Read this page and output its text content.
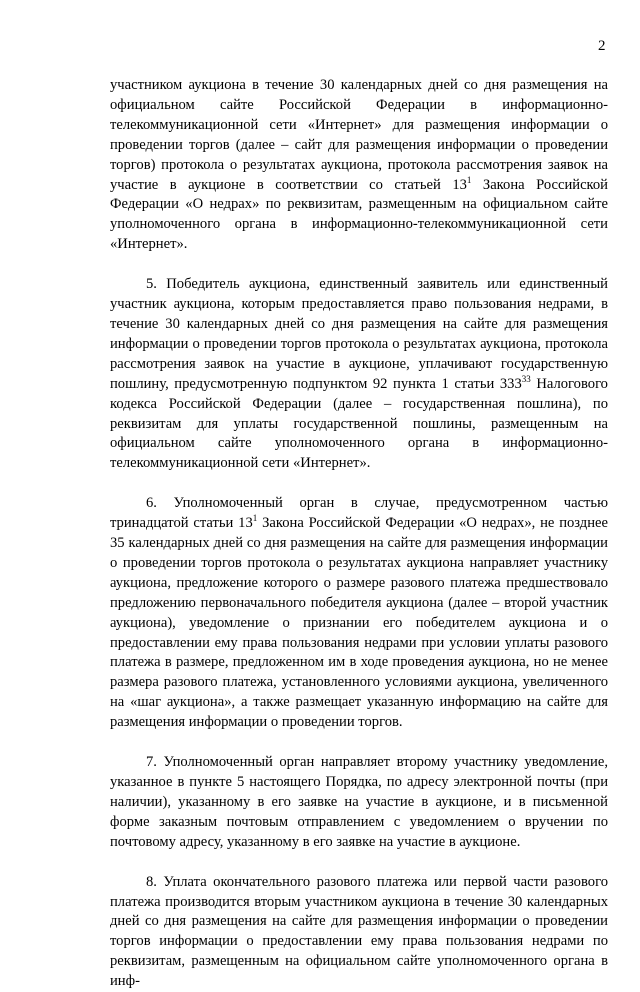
2

участником аукциона в течение 30 календарных дней со дня размещения на официальном сайте Российской Федерации в информационно-телекоммуникационной сети «Интернет» для размещения информации о проведении торгов (далее – сайт для размещения информации о проведении торгов) протокола о результатах аукциона, протокола рассмотрения заявок на участие в аукционе в соответствии со статьей $13^1$ Закона Российской Федерации «О недрах» по реквизитам, размещенным на официальном сайте уполномоченного органа в информационно-телекоммуникационной сети «Интернет».

5. Победитель аукциона, единственный заявитель или единственный участник аукциона, которым предоставляется право пользования недрами, в течение 30 календарных дней со дня размещения на сайте для размещения информации о проведении торгов протокола о результатах аукциона, протокола рассмотрения заявок на участие в аукционе, уплачивают государственную пошлину, предусмотренную подпунктом 92 пункта 1 статьи $333^{33}$ Налогового кодекса Российской Федерации (далее – государственная пошлина), по реквизитам для уплаты государственной пошлины, размещенным на официальном сайте уполномоченного органа в информационно-телекоммуникационной сети «Интернет».

6. Уполномоченный орган в случае, предусмотренном частью тринадцатой статьи $13^1$ Закона Российской Федерации «О недрах», не позднее 35 календарных дней со дня размещения на сайте для размещения информации о проведении торгов протокола о результатах аукциона направляет участнику аукциона, предложение которого о размере разового платежа предшествовало предложению первоначального победителя аукциона (далее – второй участник аукциона), уведомление о признании его победителем аукциона и о предоставлении ему права пользования недрами при условии уплаты разового платежа в размере, предложенном им в ходе проведения аукциона, но не менее размера разового платежа, установленного условиями аукциона, увеличенного на «шаг аукциона», а также размещает указанную информацию на сайте для размещения информации о проведении торгов.

7. Уполномоченный орган направляет второму участнику уведомление, указанное в пункте 5 настоящего Порядка, по адресу электронной почты (при наличии), указанному в его заявке на участие в аукционе, и в письменной форме заказным почтовым отправлением с уведомлением о вручении по почтовому адресу, указанному в его заявке на участие в аукционе.

8. Уплата окончательного разового платежа или первой части разового платежа производится вторым участником аукциона в течение 30 календарных дней со дня размещения на сайте для размещения информации о проведении торгов информации о предоставлении ему права пользования недрами по реквизитам, размещенным на официальном сайте уполномоченного органа в инф-
